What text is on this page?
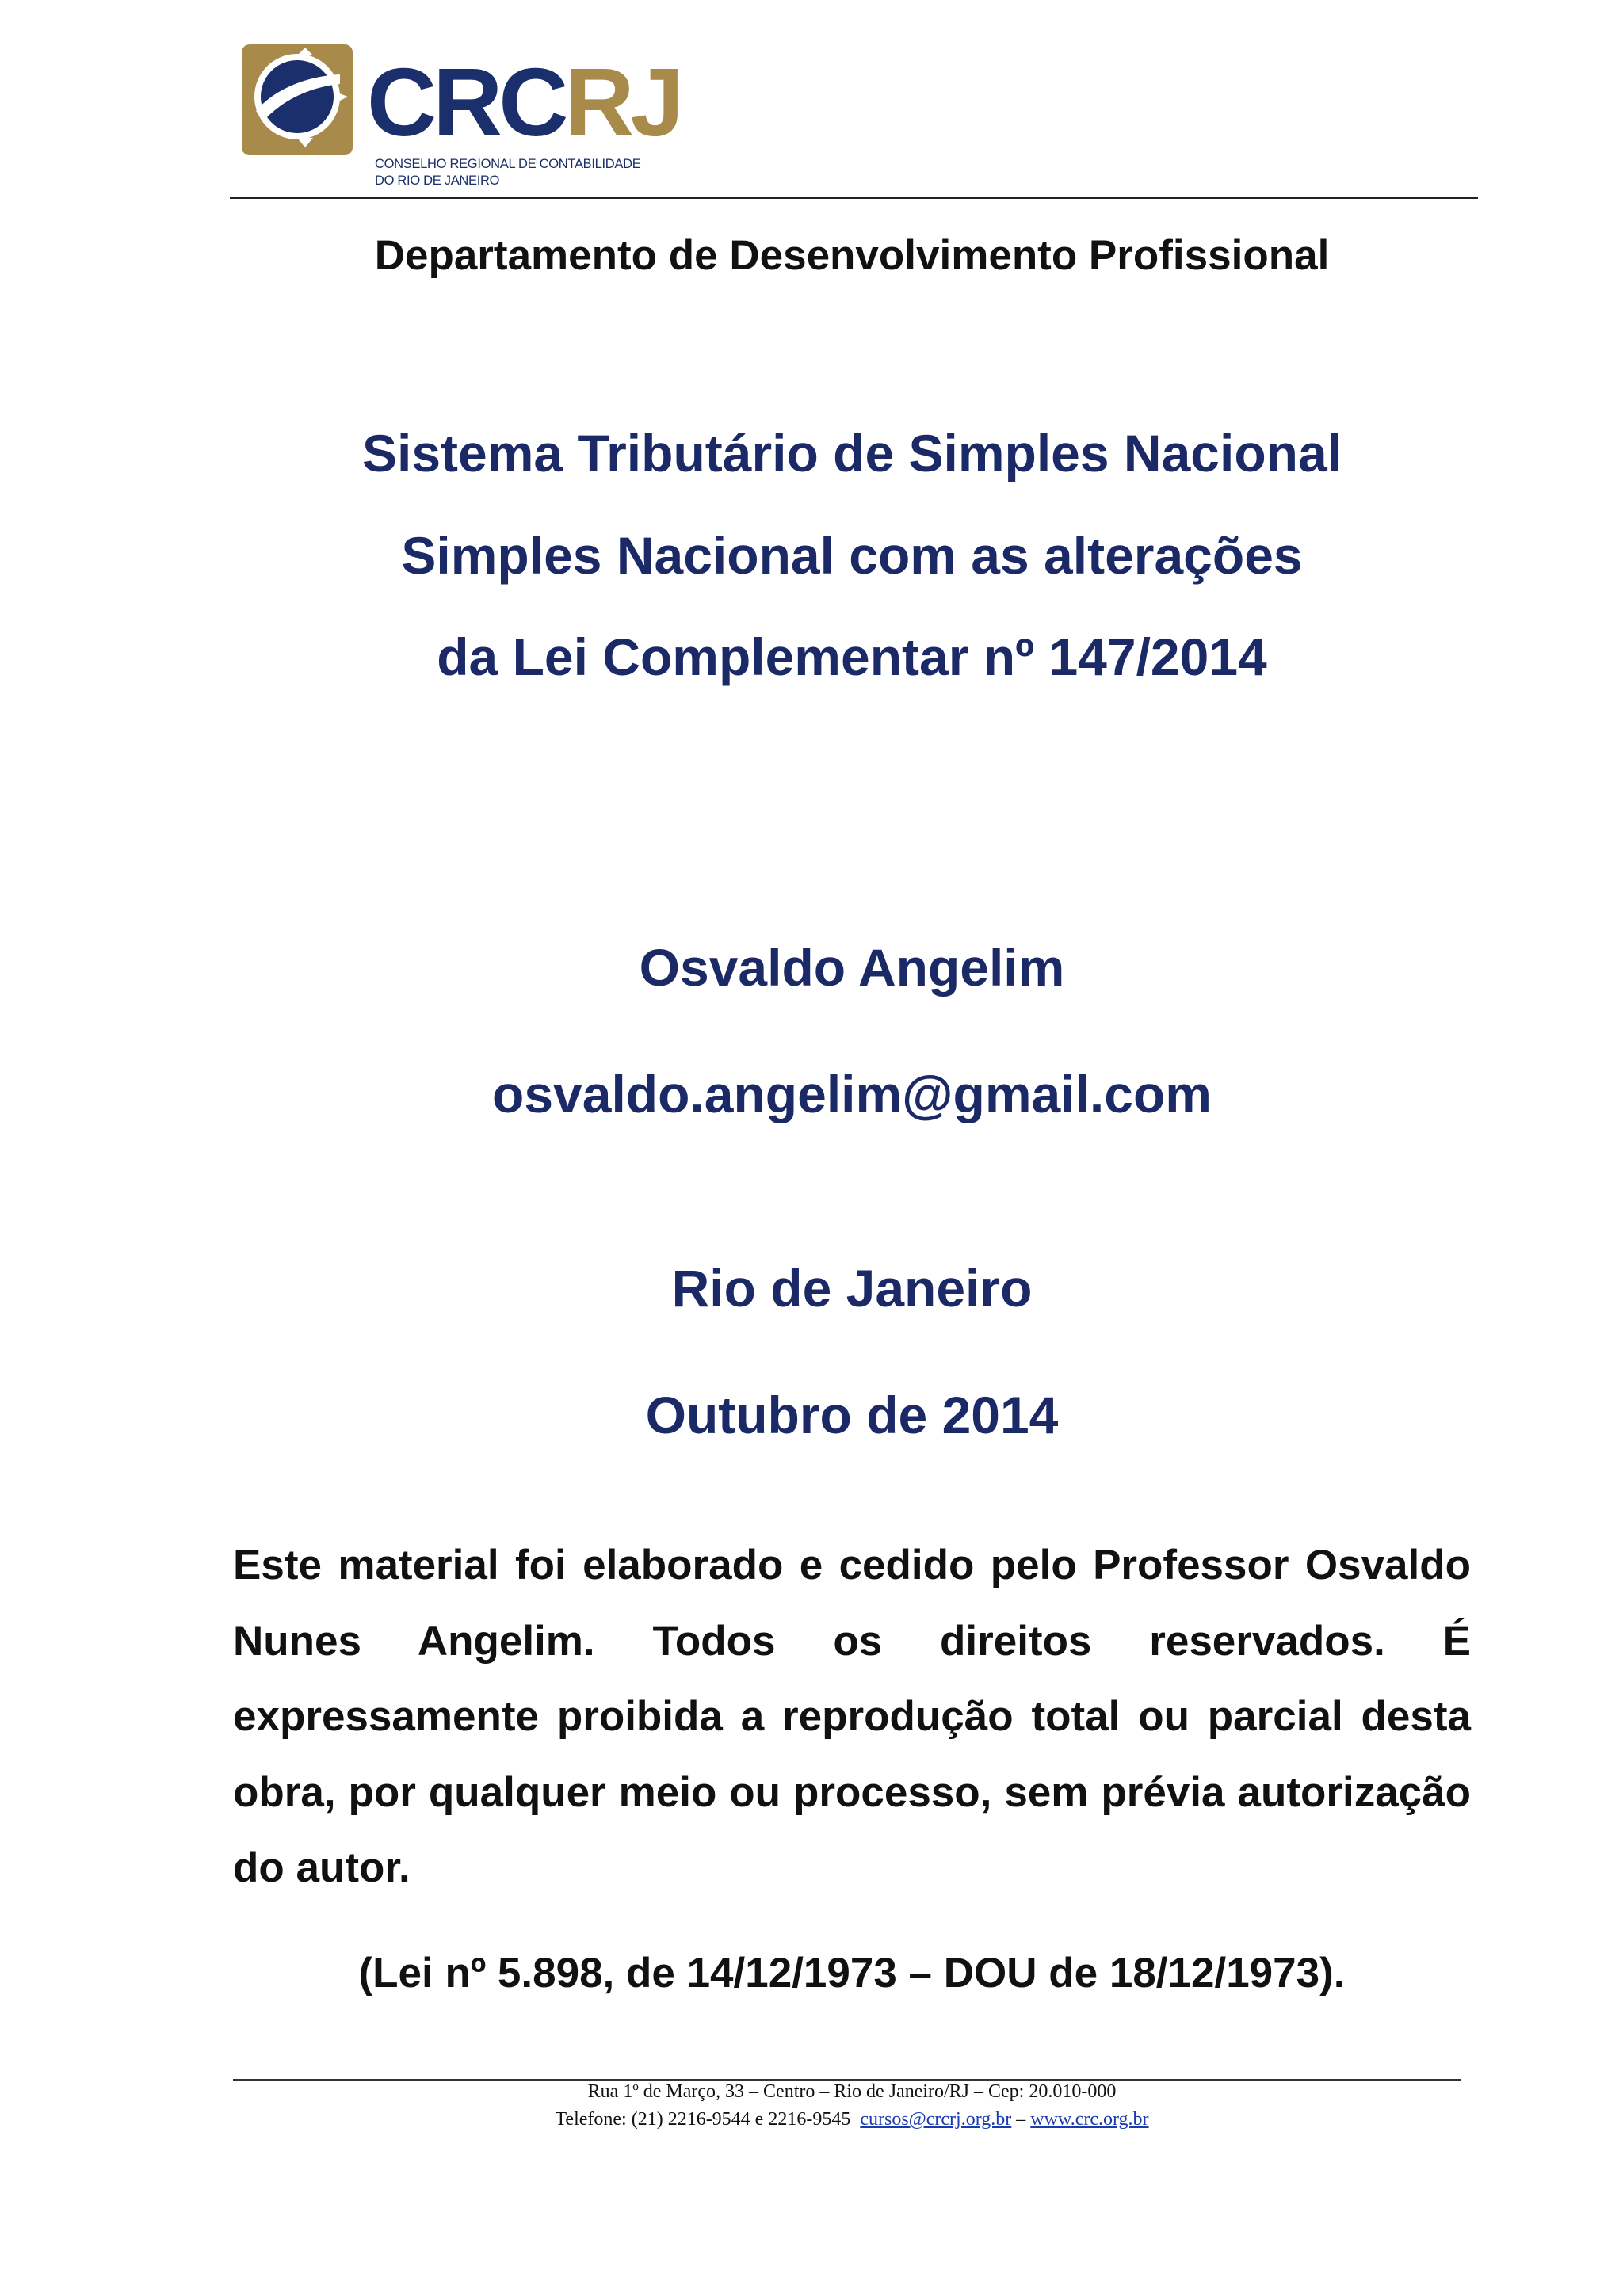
CRCRJ
CONSELHO REGIONAL DE CONTABILIDADE
DO RIO DE JANEIRO
Departamento de Desenvolvimento Profissional
Sistema Tributário de Simples Nacional
Simples Nacional com as alterações
da Lei Complementar nº 147/2014
Osvaldo Angelim
osvaldo.angelim@gmail.com
Rio de Janeiro
Outubro de 2014
Este material foi elaborado e cedido pelo Professor Osvaldo Nunes Angelim. Todos os direitos reservados. É expressamente proibida a reprodução total ou parcial desta obra, por qualquer meio ou processo, sem prévia autorização do autor.
(Lei nº 5.898, de 14/12/1973 – DOU de 18/12/1973).
Rua 1º de Março, 33 – Centro – Rio de Janeiro/RJ – Cep: 20.010-000
Telefone: (21) 2216-9544 e 2216-9545 cursos@crcrj.org.br – www.crc.org.br
